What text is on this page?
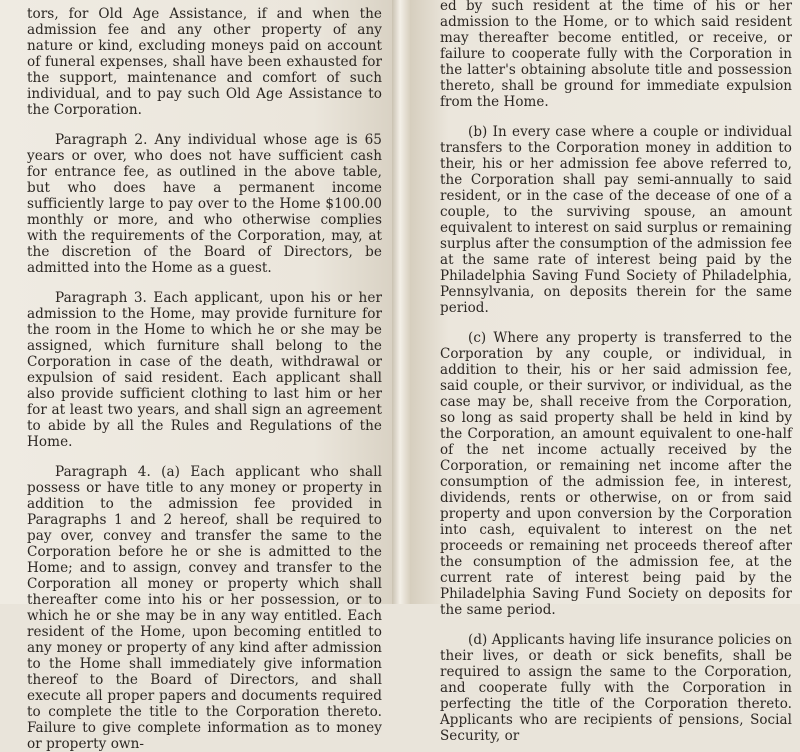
tors, for Old Age Assistance, if and when the admission fee and any other property of any nature or kind, excluding moneys paid on account of funeral expenses, shall have been exhausted for the support, maintenance and comfort of such individual, and to pay such Old Age Assistance to the Corporation.

Paragraph 2. Any individual whose age is 65 years or over, who does not have sufficient cash for entrance fee, as outlined in the above table, but who does have a permanent income sufficiently large to pay over to the Home $100.00 monthly or more, and who otherwise complies with the requirements of the Corporation, may, at the discretion of the Board of Directors, be admitted into the Home as a guest.

Paragraph 3. Each applicant, upon his or her admission to the Home, may provide furniture for the room in the Home to which he or she may be assigned, which furniture shall belong to the Corporation in case of the death, withdrawal or expulsion of said resident. Each applicant shall also provide sufficient clothing to last him or her for at least two years, and shall sign an agreement to abide by all the Rules and Regulations of the Home.

Paragraph 4. (a) Each applicant who shall possess or have title to any money or property in addition to the admission fee provided in Paragraphs 1 and 2 hereof, shall be required to pay over, convey and transfer the same to the Corporation before he or she is admitted to the Home; and to assign, convey and transfer to the Corporation all money or property which shall thereafter come into his or her possession, or to which he or she may be in any way entitled. Each resident of the Home, upon becoming entitled to any money or property of any kind after admission to the Home shall immediately give information thereof to the Board of Directors, and shall execute all proper papers and documents required to complete the title to the Corporation thereto. Failure to give complete information as to money or property own-

ed by such resident at the time of his or her admission to the Home, or to which said resident may thereafter become entitled, or receive, or failure to cooperate fully with the Corporation in the latter's obtaining absolute title and possession thereto, shall be ground for immediate expulsion from the Home.

(b) In every case where a couple or individual transfers to the Corporation money in addition to their, his or her admission fee above referred to, the Corporation shall pay semi-annually to said resident, or in the case of the decease of one of a couple, to the surviving spouse, an amount equivalent to interest on said surplus or remaining surplus after the consumption of the admission fee at the same rate of interest being paid by the Philadelphia Saving Fund Society of Philadelphia, Pennsylvania, on deposits therein for the same period.

(c) Where any property is transferred to the Corporation by any couple, or individual, in addition to their, his or her said admission fee, said couple, or their survivor, or individual, as the case may be, shall receive from the Corporation, so long as said property shall be held in kind by the Corporation, an amount equivalent to one-half of the net income actually received by the Corporation, or remaining net income after the consumption of the admission fee, in interest, dividends, rents or otherwise, on or from said property and upon conversion by the Corporation into cash, equivalent to interest on the net proceeds or remaining net proceeds thereof after the consumption of the admission fee, at the current rate of interest being paid by the Philadelphia Saving Fund Society on deposits for the same period.

(d) Applicants having life insurance policies on their lives, or death or sick benefits, shall be required to assign the same to the Corporation, and cooperate fully with the Corporation in perfecting the title of the Corporation thereto. Applicants who are recipients of pensions, Social Security, or
